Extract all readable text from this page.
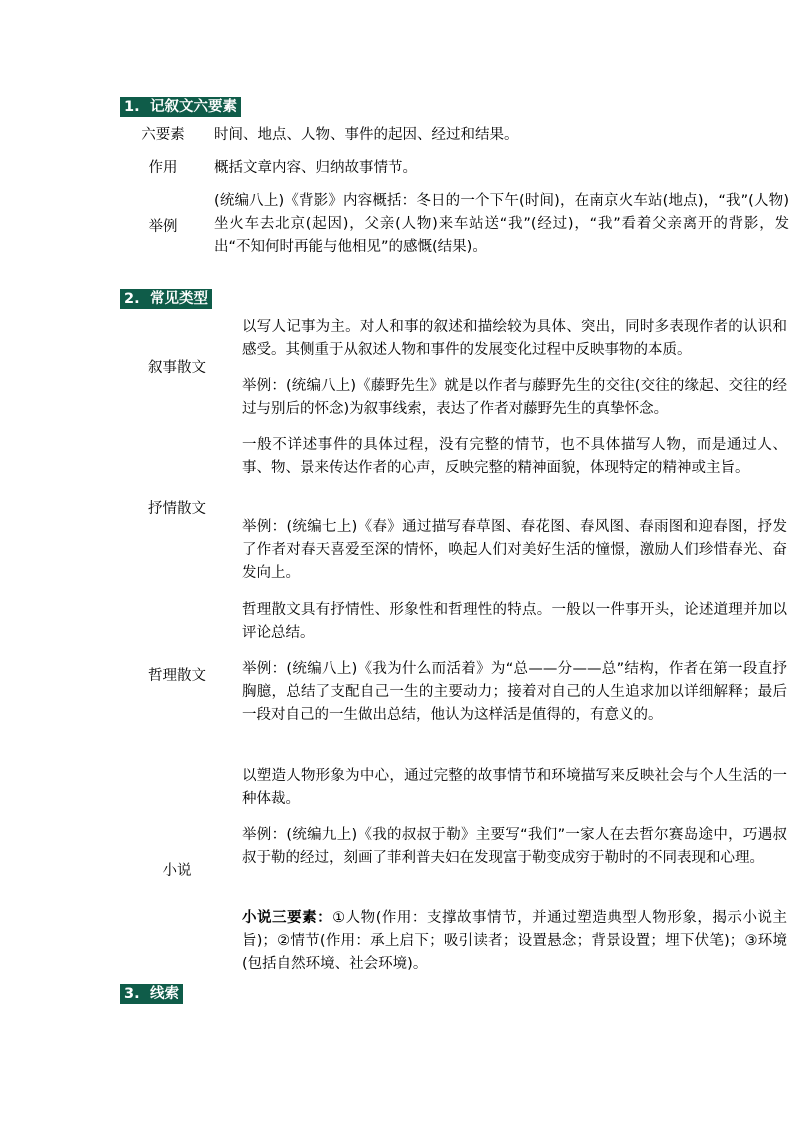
1. 记叙文六要素
六要素	时间、地点、人物、事件的起因、经过和结果。
作用	概括文章内容、归纳故事情节。
举例
(统编八上)《背影》内容概括：冬日的一个下午(时间)，在南京火车站(地点)，“我”(人物)坐火车去北京(起因)，父亲(人物)来车站送“我”(经过)，“我”看着父亲离开的背影，发出“不知何时再能与他相见”的感慨(结果)。
2. 常见类型
叙事散文
以写人记事为主。对人和事的叙述和描绘较为具体、突出，同时多表现作者的认识和感受。其侧重于从叙述人物和事件的发展变化过程中反映事物的本质。
举例：(统编八上)《藤野先生》就是以作者与藤野先生的交往(交往的缘起、交往的经过与别后的怀念)为叙事线索，表达了作者对藤野先生的真挚怀念。
抒情散文
一般不详述事件的具体过程，没有完整的情节，也不具体描写人物，而是通过人、事、物、景来传达作者的心声，反映完整的精神面貌，体现特定的精神或主旨。
举例：(统编七上)《春》通过描写春草图、春花图、春风图、春雨图和迎春图，抒发了作者对春天喜爱至深的情怀，唤起人们对美好生活的憧憬，激励人们珍惜春光、奋发向上。
哲理散文
哲理散文具有抒情性、形象性和哲理性的特点。一般以一件事开头，论述道理并加以评论总结。
举例：(统编八上)《我为什么而活着》为“总——分——总”结构，作者在第一段直抒胸臆，总结了支配自己一生的主要动力；接着对自己的人生追求加以详细解释；最后一段对自己的一生做出总结，他认为这样活是值得的，有意义的。
小说
以塑造人物形象为中心，通过完整的故事情节和环境描写来反映社会与个人生活的一种体裁。
举例：(统编九上)《我的叔叔于勒》主要写“我们”一家人在去哲尔赛岛途中，巧遇叔叔于勒的经过，刻画了菲利普夫妇在发现富于勒变成穷于勒时的不同表现和心理。
小说三要素：①人物(作用：支撑故事情节，并通过塑造典型人物形象，揭示小说主旨)；②情节(作用：承上启下；吸引读者；设置悬念；背景设置；埋下伏笔)；③环境(包括自然环境、社会环境)。
3. 线索
